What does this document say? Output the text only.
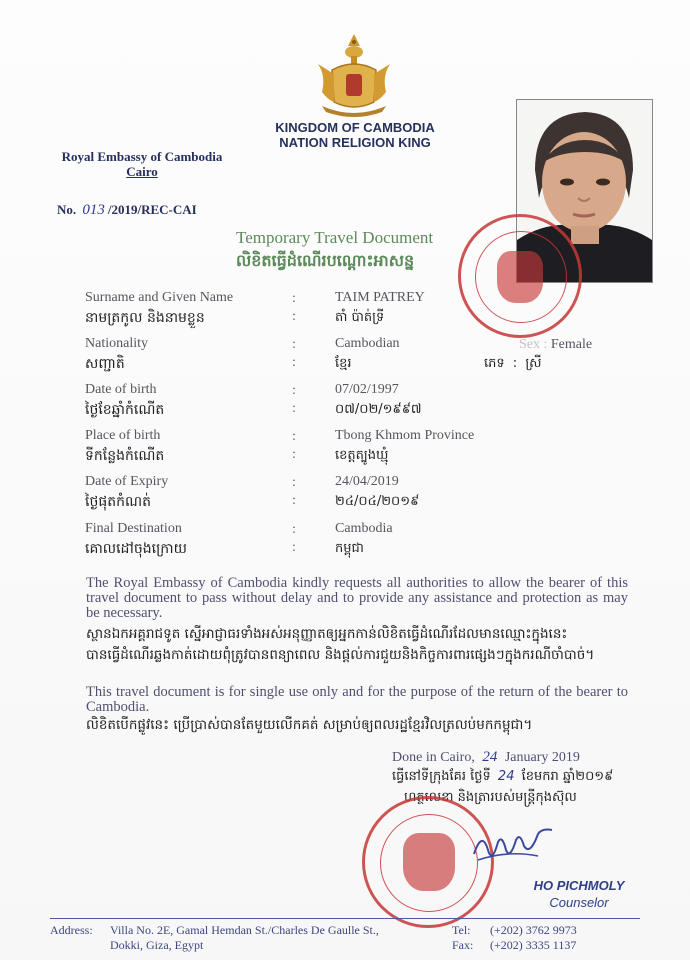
KINGDOM OF CAMBODIA
NATION RELIGION KING
Royal Embassy of Cambodia
Cairo
No. 013 /2019/REC-CAI
Temporary Travel Document
លិខិតធ្វើដំណើរបណ្ដោះអាសន្ន
Surname and Given Name
នាមត្រកូល និងនាមខ្លួន
:
:
TAIM PATREY
តាំ ប៉ាត់ទ្រី
Nationality
សញ្ជាតិ
:
:
Cambodian
ខ្មែរ
Sex : Female
ភេទ : ស្រី
Date of birth
ថ្ងៃខែឆ្នាំកំណើត
:
:
07/02/1997
០៧/០២/១៩៩៧
Place of birth
ទីកន្លែងកំណើត
:
:
Tbong Khmom Province
ខេត្តត្បូងឃ្មុំ
Date of Expiry
ថ្ងៃផុតកំណត់
:
:
24/04/2019
២៤/០៤/២០១៩
Final Destination
គោលដៅចុងក្រោយ
:
:
Cambodia
កម្ពុជា
The Royal Embassy of Cambodia kindly requests all authorities to allow the bearer of this travel document to pass without delay and to provide any assistance and protection as may be necessary.
ស្ថានឯកអគ្គរាជទូត ស្នើអាជ្ញាធរទាំងអស់អនុញ្ញាតឲ្យអ្នកកាន់លិខិតធ្វើដំណើរដែលមានឈ្មោះក្នុងនេះ
បានធ្វើដំណើរឆ្លងកាត់ដោយពុំត្រូវបានពន្យាពេល និងផ្ដល់ការជួយនិងកិច្ចការពារផ្សេងៗក្នុងករណីចាំបាច់។
This travel document is for single use only and for the purpose of the return of the bearer to Cambodia.
លិខិតបើកផ្លូវនេះ ប្រើប្រាស់បានតែមួយលើកគត់ សម្រាប់ឲ្យពលរដ្ឋខ្មែរវិលត្រលប់មកកម្ពុជា។
Done in Cairo, 24 January 2019
ធ្វើនៅទីក្រុងគែរ ថ្ងៃទី 24 ខែមករា ឆ្នាំ២០១៩
ហត្ថលេខា និងត្រារបស់មន្ត្រីកុងស៊ុល
HO PICHMOLY
Counselor
Address: Villa No. 2E, Gamal Hemdan St./Charles De Gaulle St.,
Dokki, Giza, Egypt
Tel: (+202) 3762 9973
Fax: (+202) 3335 1137
